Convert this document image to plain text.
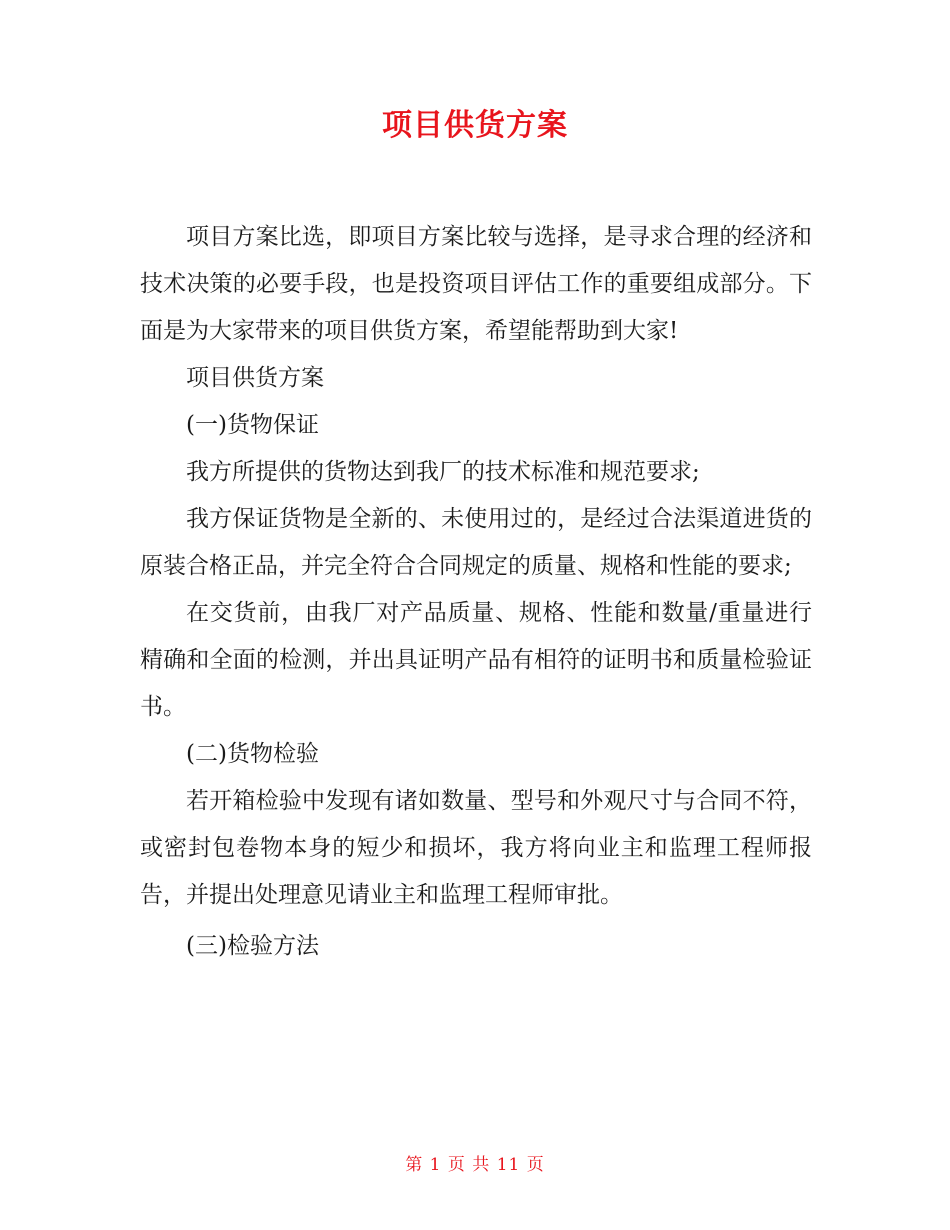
项目供货方案

项目方案比选，即项目方案比较与选择，是寻求合理的经济和技术决策的必要手段，也是投资项目评估工作的重要组成部分。下面是为大家带来的项目供货方案，希望能帮助到大家!

项目供货方案

(一)货物保证

我方所提供的货物达到我厂的技术标准和规范要求;

我方保证货物是全新的、未使用过的，是经过合法渠道进货的原装合格正品，并完全符合合同规定的质量、规格和性能的要求;

在交货前，由我厂对产品质量、规格、性能和数量/重量进行精确和全面的检测，并出具证明产品有相符的证明书和质量检验证书。

(二)货物检验

若开箱检验中发现有诸如数量、型号和外观尺寸与合同不符，或密封包卷物本身的短少和损坏，我方将向业主和监理工程师报告，并提出处理意见请业主和监理工程师审批。

(三)检验方法

第 1 页 共 11 页
